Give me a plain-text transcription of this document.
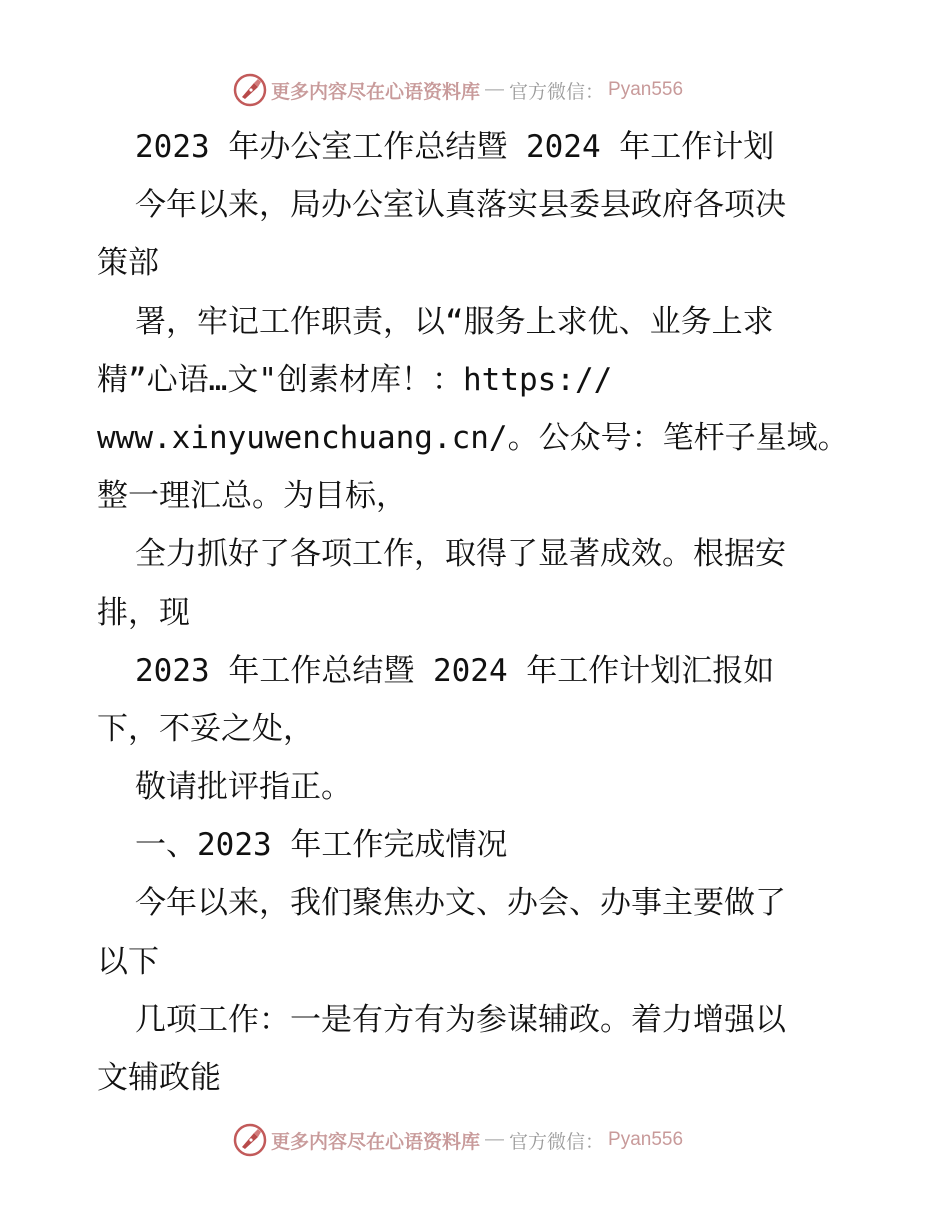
更多内容尽在心语资料库 — 官方微信： Pyan556
2023 年办公室工作总结暨 2024 年工作计划
今年以来，局办公室认真落实县委县政府各项决
策部
署，牢记工作职责，以“服务上求优、业务上求
精”心语…文"创素材库！：https://
www.xinyuwenchuang.cn/。公众号：笔杆子星域。
整一理汇总。为目标，
全力抓好了各项工作，取得了显著成效。根据安
排，现
2023 年工作总结暨 2024 年工作计划汇报如
下，不妥之处，
敬请批评指正。
一、2023 年工作完成情况
今年以来，我们聚焦办文、办会、办事主要做了
以下
几项工作：一是有方有为参谋辅政。着力增强以
文辅政能
更多内容尽在心语资料库 — 官方微信： Pyan556
